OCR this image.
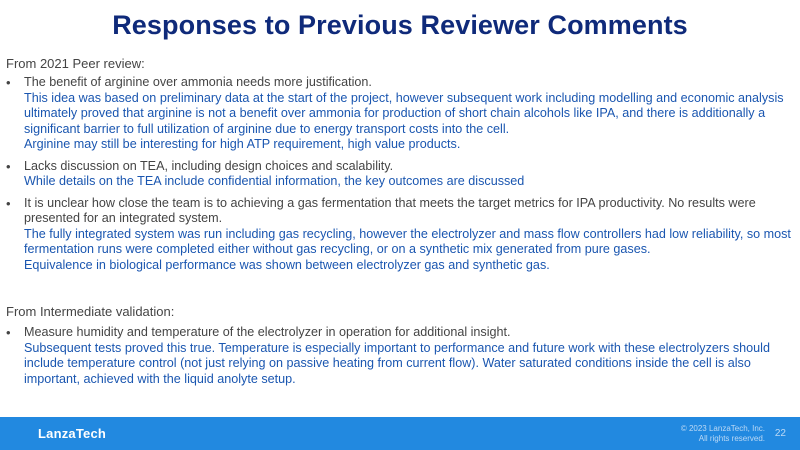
Responses to Previous Reviewer Comments
From 2021 Peer review:
• The benefit of arginine over ammonia needs more justification.
This idea was based on preliminary data at the start of the project, however subsequent work including modelling and economic analysis ultimately proved that arginine is not a benefit over ammonia for production of short chain alcohols like IPA, and there is additionally a significant barrier to full utilization of arginine due to energy transport costs into the cell.
Arginine may still be interesting for high ATP requirement, high value products.
• Lacks discussion on TEA, including design choices and scalability.
While details on the TEA include confidential information, the key outcomes are discussed
• It is unclear how close the team is to achieving a gas fermentation that meets the target metrics for IPA productivity. No results were presented for an integrated system.
The fully integrated system was run including gas recycling, however the electrolyzer and mass flow controllers had low reliability, so most fermentation runs were completed either without gas recycling, or on a synthetic mix generated from pure gases.
Equivalence in biological performance was shown between electrolyzer gas and synthetic gas.
From Intermediate validation:
• Measure humidity and temperature of the electrolyzer in operation for additional insight.
Subsequent tests proved this true. Temperature is especially important to performance and future work with these electrolyzers should include temperature control (not just relying on passive heating from current flow). Water saturated conditions inside the cell is also important, achieved with the liquid anolyte setup.
LanzaTech	© 2023 LanzaTech, Inc.
All rights reserved. 22
